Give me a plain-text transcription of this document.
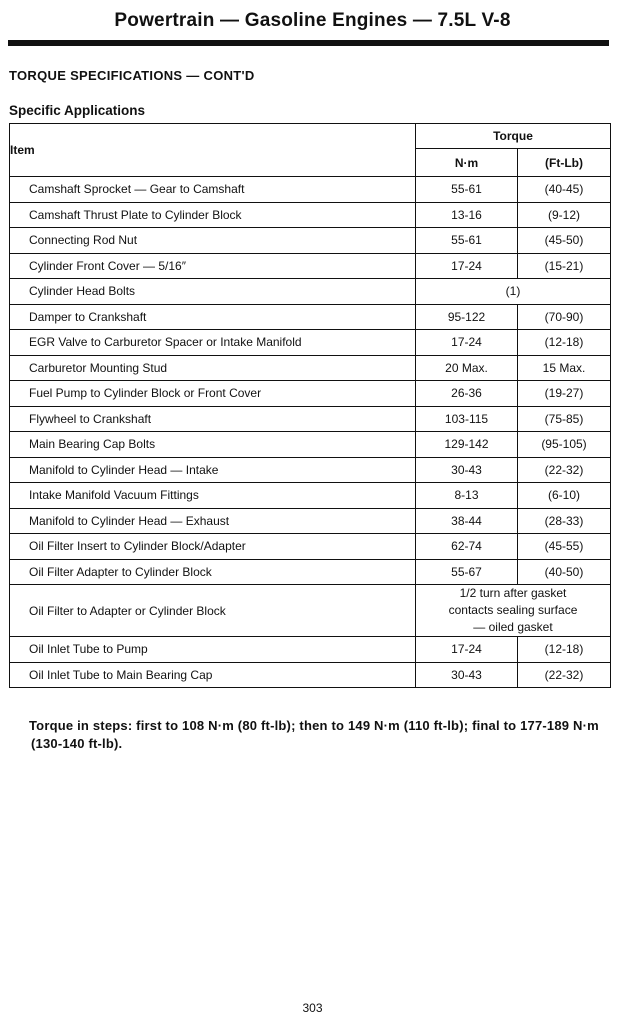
Powertrain — Gasoline Engines — 7.5L V-8
TORQUE SPECIFICATIONS — CONT'D
Specific Applications
Item	Torque	
	N·m	(Ft-Lb)
Camshaft Sprocket — Gear to Camshaft	55-61	(40-45)
Camshaft Thrust Plate to Cylinder Block	13-16	(9-12)
Connecting Rod Nut	55-61	(45-50)
Cylinder Front Cover — 5/16″	17-24	(15-21)
Cylinder Head Bolts	(1)	
Damper to Crankshaft	95-122	(70-90)
EGR Valve to Carburetor Spacer or Intake Manifold	17-24	(12-18)
Carburetor Mounting Stud	20 Max.	15 Max.
Fuel Pump to Cylinder Block or Front Cover	26-36	(19-27)
Flywheel to Crankshaft	103-115	(75-85)
Main Bearing Cap Bolts	129-142	(95-105)
Manifold to Cylinder Head — Intake	30-43	(22-32)
Intake Manifold Vacuum Fittings	8-13	(6-10)
Manifold to Cylinder Head — Exhaust	38-44	(28-33)
Oil Filter Insert to Cylinder Block/Adapter	62-74	(45-55)
Oil Filter Adapter to Cylinder Block	55-67	(40-50)
Oil Filter to Adapter or Cylinder Block	1/2 turn after gasket
contacts sealing surface
— oiled gasket	

Oil Inlet Tube to Pump	17-24	(12-18)
Oil Inlet Tube to Main Bearing Cap	30-43	(22-32)
Torque in steps: first to 108 N·m (80 ft-lb); then to 149 N·m (110 ft-lb); final to 177-189 N·m (130-140 ft-lb).
303
